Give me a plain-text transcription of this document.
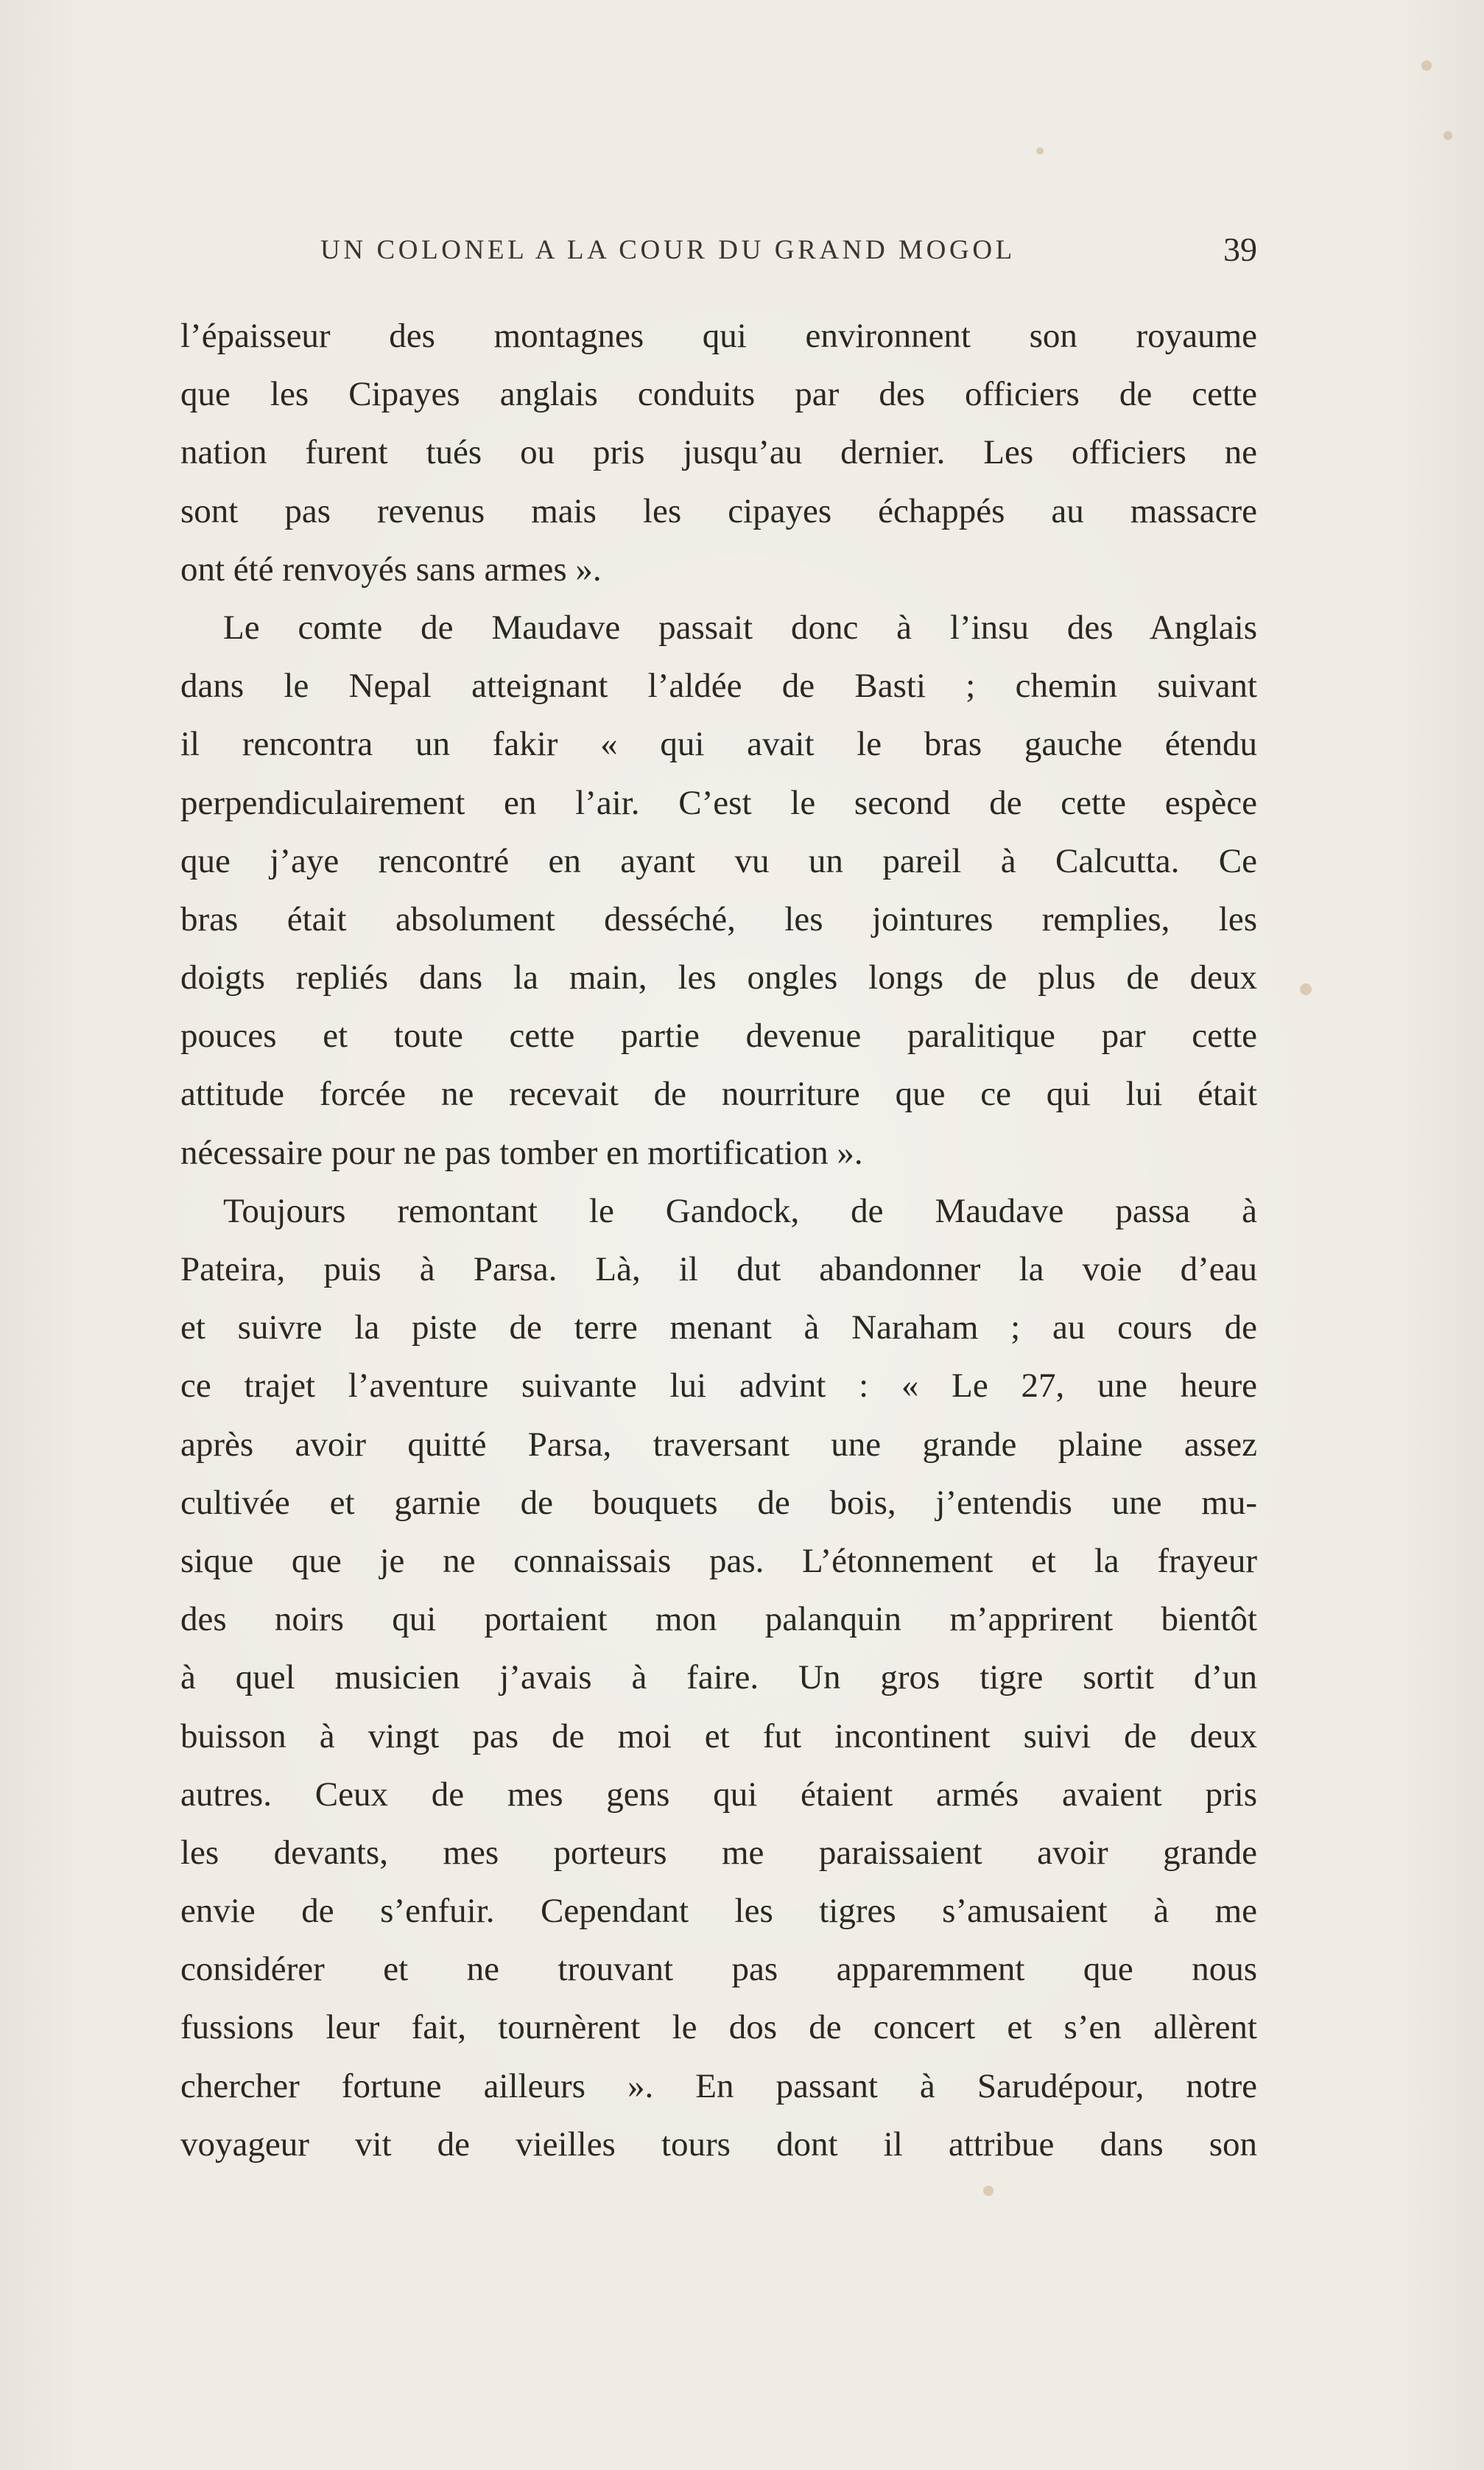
UN COLONEL A LA COUR DU GRAND MOGOL	39
l’épaisseur des montagnes qui environnent son royaume
que les Cipayes anglais conduits par des officiers de cette
nation furent tués ou pris jusqu’au dernier. Les officiers ne
sont pas revenus mais les cipayes échappés au massacre
ont été renvoyés sans armes ».
Le comte de Maudave passait donc à l’insu des Anglais
dans le Nepal atteignant l’aldée de Basti ; chemin suivant
il rencontra un fakir « qui avait le bras gauche étendu
perpendiculairement en l’air. C’est le second de cette espèce
que j’aye rencontré en ayant vu un pareil à Calcutta. Ce
bras était absolument desséché, les jointures remplies, les
doigts repliés dans la main, les ongles longs de plus de deux
pouces et toute cette partie devenue paralitique par cette
attitude forcée ne recevait de nourriture que ce qui lui était
nécessaire pour ne pas tomber en mortification ».
Toujours remontant le Gandock, de Maudave passa à
Pateira, puis à Parsa. Là, il dut abandonner la voie d’eau
et suivre la piste de terre menant à Naraham ; au cours de
ce trajet l’aventure suivante lui advint : « Le 27, une heure
après avoir quitté Parsa, traversant une grande plaine assez
cultivée et garnie de bouquets de bois, j’entendis une mu-
sique que je ne connaissais pas. L’étonnement et la frayeur
des noirs qui portaient mon palanquin m’apprirent bientôt
à quel musicien j’avais à faire. Un gros tigre sortit d’un
buisson à vingt pas de moi et fut incontinent suivi de deux
autres. Ceux de mes gens qui étaient armés avaient pris
les devants, mes porteurs me paraissaient avoir grande
envie de s’enfuir. Cependant les tigres s’amusaient à me
considérer et ne trouvant pas apparemment que nous
fussions leur fait, tournèrent le dos de concert et s’en allèrent
chercher fortune ailleurs ». En passant à Sarudépour, notre
voyageur vit de vieilles tours dont il attribue dans son
